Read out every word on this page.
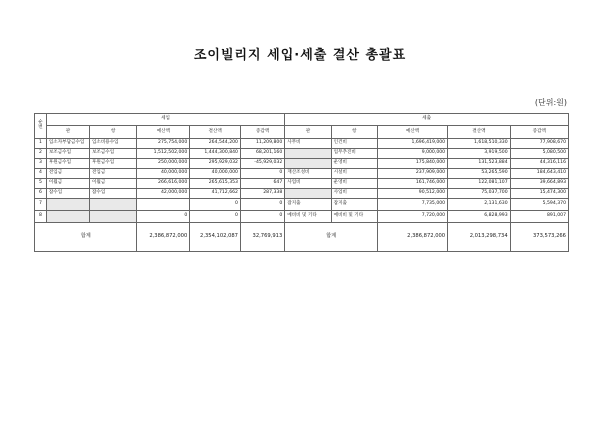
조이빌리지 세입·세출 결산 총괄표
(단위:원)
순번	세입					세출				
	관	항	예산액	결산액	증감액	관	항	예산액	결산액	증감액
1	입소자부담금수입	입소비용수입	275,754,000	264,544,200	11,209,800	사무비	인건비	1,696,419,000	1,618,510,330	77,908,670
2	보조금수입	보조금수입	1,512,502,000	1,444,300,840	68,201,160		업무추진비	9,000,000	3,919,500	5,080,500
3	후원금수입	후원금수입	250,000,000	295,929,032	-45,929,032		운영비	175,840,000	131,523,884	44,316,116
4	전입금	전입금	40,000,000	40,000,000	0	재산조성비	시설비	237,909,000	53,265,590	184,643,410
5	이월금	이월금	266,616,000	265,615,353	647	사업비	운영비	161,746,000	122,081,107	39,664,893
6	잡수입	잡수입	42,000,000	41,712,662	287,338		사업비	90,512,000	75,037,700	15,474,300
7				0	0	잡지출	잡지출	7,735,000	2,131,630	5,594,370
8			0	0	0	예비비 및 기타	예비비 및 기타	7,720,000	6,828,993	891,007
합계			2,386,872,000	2,354,102,087	32,769,913	합계		2,386,872,000	2,013,298,734	373,573,266
